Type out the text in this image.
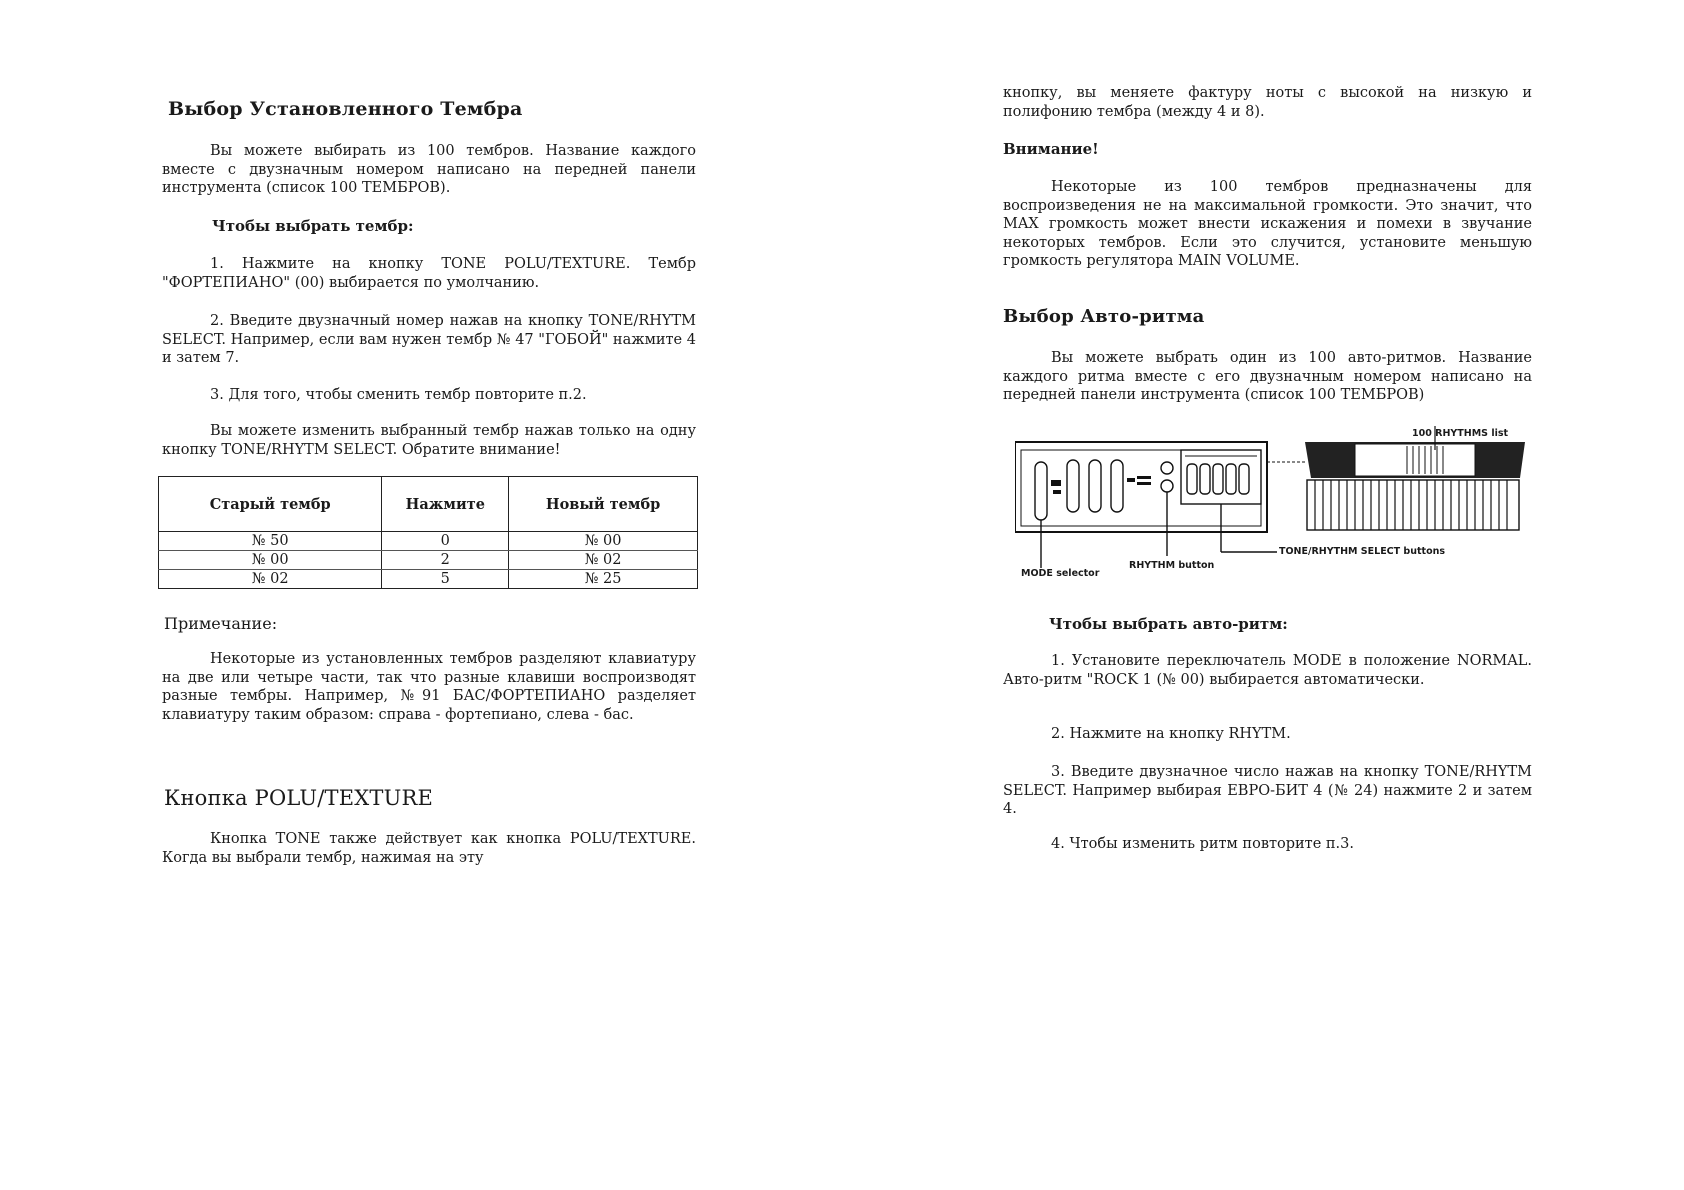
Выбор Установленного Тембра

Вы можете выбирать из 100 тембров. Название каждого вместе с двузначным номером написано на передней панели инструмента (список 100 ТЕМБРОВ).

Чтобы выбрать тембр:

1. Нажмите на кнопку TONE POLU/TEXTURE. Тембр "ФОРТЕПИАНО" (00) выбирается по умолчанию.

2. Введите двузначный номер нажав на кнопку TONE/RHYTM SELECT. Например, если вам нужен тембр № 47 "ГОБОЙ" нажмите 4 и затем 7.

3. Для того, чтобы сменить тембр повторите п.2.

Вы можете изменить выбранный тембр нажав только на одну кнопку TONE/RHYTM SELECT. Обратите внимание!

Старый тембр	Нажмите	Новый тембр
№ 50	0	№ 00
№ 00	2	№ 02
№ 02	5	№ 25
Примечание:

Некоторые из установленных тембров разделяют клавиатуру на две или четыре части, так что разные клавиши воспроизводят разные тембры. Например, №91 БАС/ФОРТЕПИАНО разделяет клавиатуру таким образом: справа - фортепиано, слева - бас.

Кнопка POLU/TEXTURE

Кнопка TONE также действует как кнопка POLU/TEXTURE. Когда вы выбрали тембр, нажимая на эту

кнопку, вы меняете фактуру ноты с высокой на низкую и полифонию тембра (между 4 и 8).

Внимание!

Некоторые из 100 тембров предназначены для воспроизведения не на максимальной громкости. Это значит, что MAX громкость может внести искажения и помехи в звучание некоторых тембров. Если это случится, установите меньшую громкость регулятора MAIN VOLUME.

Выбор Авто-ритма

Вы можете выбрать один из 100 авто-ритмов. Название каждого ритма вместе с его двузначным номером написано на передней панели инструмента (список 100 ТЕМБРОВ)

100 RHYTHMS list
MODE selector
RHYTHM button
TONE/RHYTHM SELECT buttons
Чтобы выбрать авто-ритм:

1. Установите переключатель MODE в положение NORMAL. Авто-ритм "ROCK 1 (№ 00) выбирается автоматически.

2. Нажмите на кнопку RHYTM.

3. Введите двузначное число нажав на кнопку TONE/RHYTM SELECT. Например выбирая ЕВРО-БИТ 4 (№ 24) нажмите 2 и затем 4.

4. Чтобы изменить ритм повторите п.3.
